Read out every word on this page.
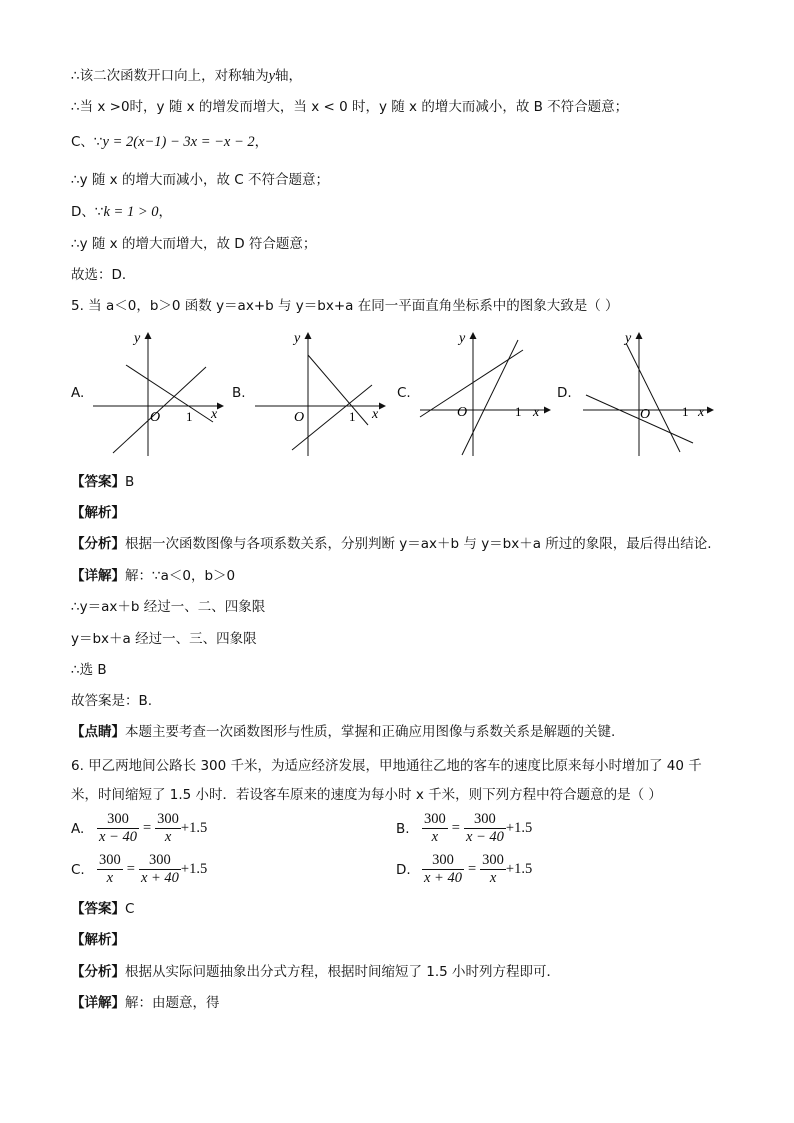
∴该二次函数开口向上，对称轴为y轴，
∴当 x >0时，y 随 x 的增发而增大，当 x < 0 时，y 随 x 的增大而减小，故 B 不符合题意；
C、∵y = 2(x−1) − 3x = −x − 2，
∴y 随 x 的增大而减小，故 C 不符合题意；
D、∵k = 1 > 0，
∴y 随 x 的增大而增大，故 D 符合题意；
故选：D．
5. 当 a＜0，b＞0 函数 y＝ax+b 与 y＝bx+a 在同一平面直角坐标系中的图象大致是（ ）
A.
y
x
O 1
B.
y
x
O	1
C.
y
x
O	1
D.
y
x
O 1
【答案】B
【解析】
【分析】根据一次函数图像与各项系数关系，分别判断 y＝ax＋b 与 y＝bx＋a 所过的象限，最后得出结论.
【详解】解：∵a＜0，b＞0
∴y＝ax＋b 经过一、二、四象限
y＝bx＋a 经过一、三、四象限
∴选 B
故答案是：B.
【点睛】本题主要考查一次函数图形与性质，掌握和正确应用图像与系数关系是解题的关键.
6. 甲乙两地间公路长 300 千米，为适应经济发展，甲地通往乙地的客车的速度比原来每小时增加了 40 千
米，时间缩短了 1.5 小时．若设客车原来的速度为每小时 x 千米，则下列方程中符合题意的是（ ）
A. $\frac{300}{x - 40} = \frac{300}{x} +1.5$	B. $\frac{300}{x} = \frac{300}{x - 40} +1.5$
C. $\frac{300}{x} = \frac{300}{x + 40} +1.5$	D. $\frac{300}{x + 40} = \frac{300}{x} +1.5$
【答案】C
【解析】
【分析】根据从实际问题抽象出分式方程，根据时间缩短了 1.5 小时列方程即可．
【详解】解：由题意，得
